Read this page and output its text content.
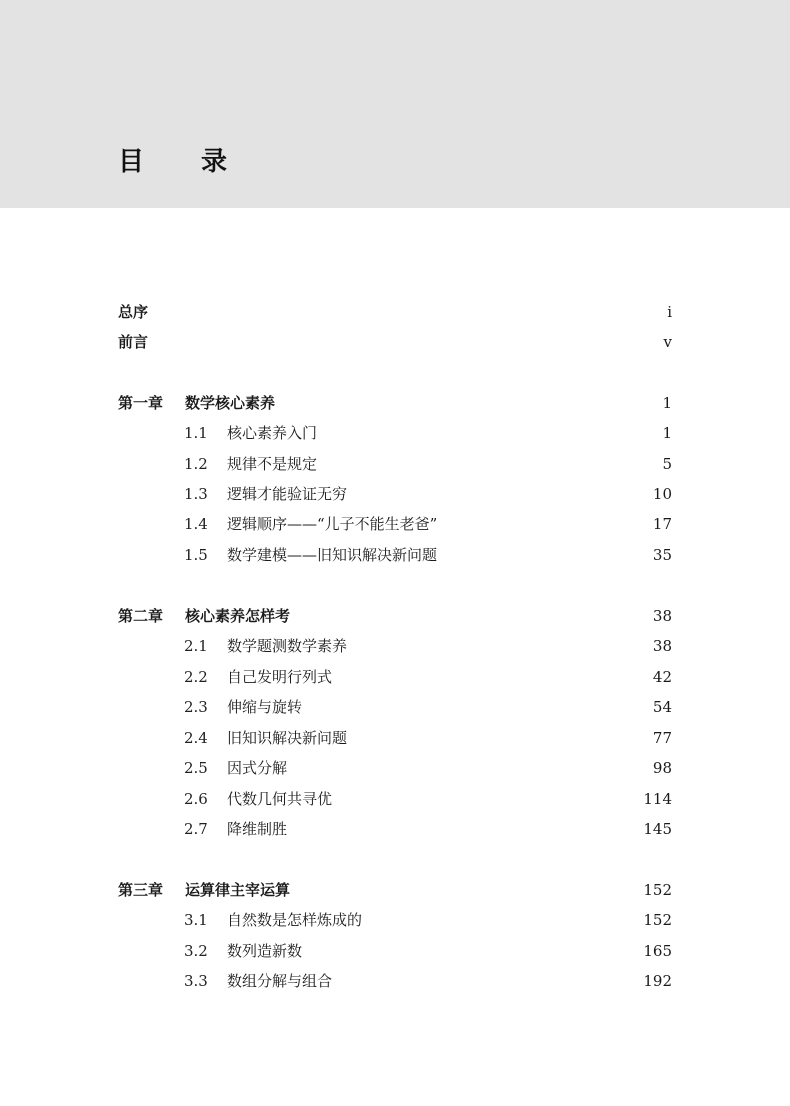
目 录
总序	i
前言	v
第一章 数学核心素养	1
1.1 核心素养入门	1
1.2 规律不是规定	5
1.3 逻辑才能验证无穷	10
1.4 逻辑顺序——“儿子不能生老爸”	17
1.5 数学建模——旧知识解决新问题	35
第二章 核心素养怎样考	38
2.1 数学题测数学素养	38
2.2 自己发明行列式	42
2.3 伸缩与旋转	54
2.4 旧知识解决新问题	77
2.5 因式分解	98
2.6 代数几何共寻优	114
2.7 降维制胜	145
第三章 运算律主宰运算	152
3.1 自然数是怎样炼成的	152
3.2 数列造新数	165
3.3 数组分解与组合	192
